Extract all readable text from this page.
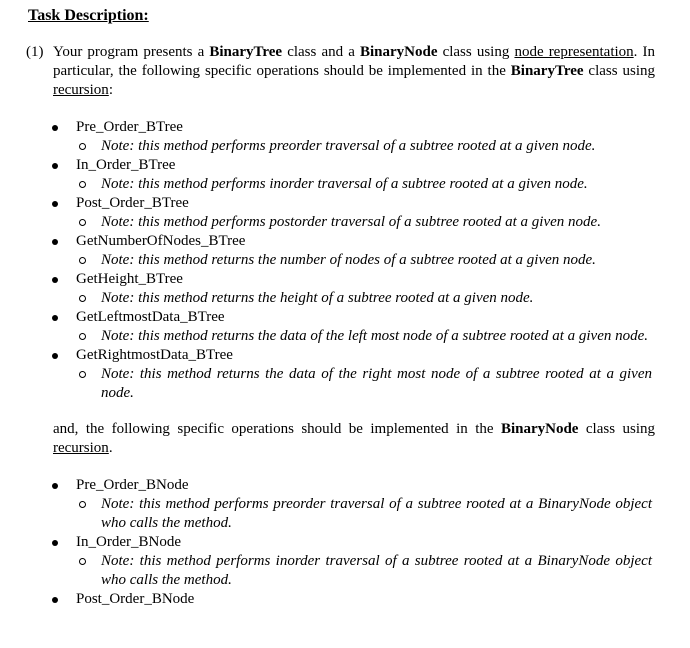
Task Description:
(1) Your program presents a BinaryTree class and a BinaryNode class using node representation. In particular, the following specific operations should be implemented in the BinaryTree class using recursion:
Pre_Order_BTree
Note: this method performs preorder traversal of a subtree rooted at a given node.
In_Order_BTree
Note: this method performs inorder traversal of a subtree rooted at a given node.
Post_Order_BTree
Note: this method performs postorder traversal of a subtree rooted at a given node.
GetNumberOfNodes_BTree
Note: this method returns the number of nodes of a subtree rooted at a given node.
GetHeight_BTree
Note: this method returns the height of a subtree rooted at a given node.
GetLeftmostData_BTree
Note: this method returns the data of the left most node of a subtree rooted at a given node.
GetRightmostData_BTree
Note: this method returns the data of the right most node of a subtree rooted at a given node.
and, the following specific operations should be implemented in the BinaryNode class using recursion.
Pre_Order_BNode
Note: this method performs preorder traversal of a subtree rooted at a BinaryNode object who calls the method.
In_Order_BNode
Note: this method performs inorder traversal of a subtree rooted at a BinaryNode object who calls the method.
Post_Order_BNode
